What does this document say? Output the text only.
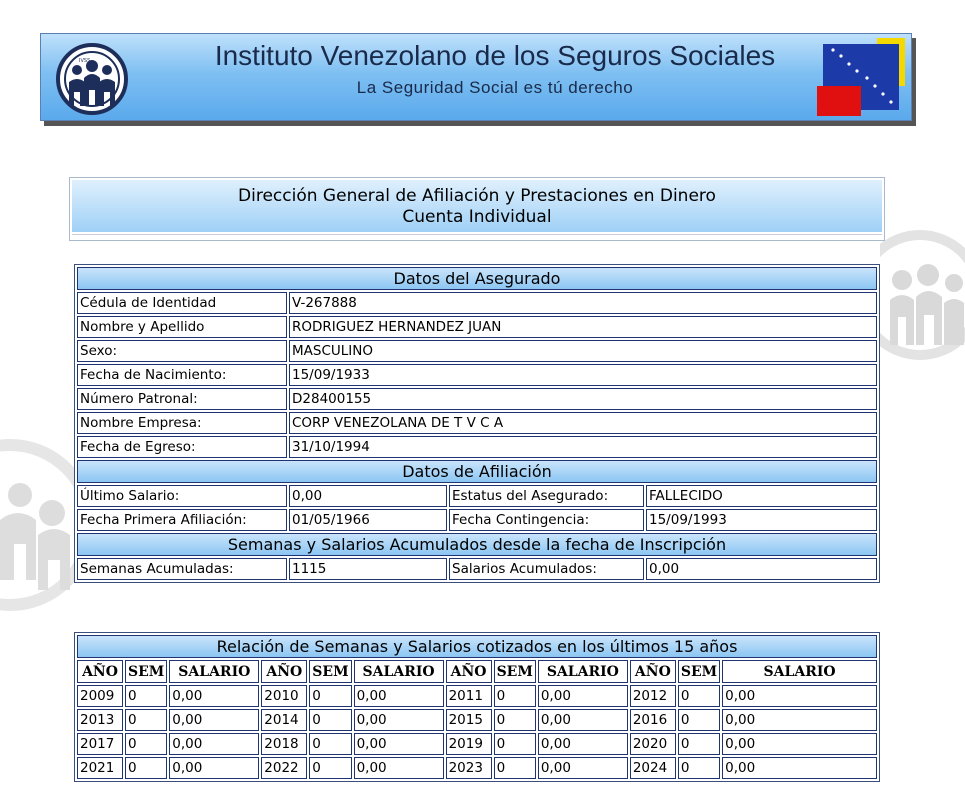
IVSS	Instituto Venezolano de los Seguros Sociales
La Seguridad Social es tú derecho
Dirección General de Afiliación y Prestaciones en Dinero
Cuenta Individual
Datos del Asegurado			
Cédula de Identidad	V-267888		
Nombre y Apellido	RODRIGUEZ HERNANDEZ JUAN		
Sexo:	MASCULINO		
Fecha de Nacimiento:	15/09/1933		
Número Patronal:	D28400155		
Nombre Empresa:	CORP VENEZOLANA DE T V C A		
Fecha de Egreso:	31/10/1994		
Datos de Afiliación			
Último Salario:	0,00	Estatus del Asegurado:	FALLECIDO
Fecha Primera Afiliación:	01/05/1966	Fecha Contingencia:	15/09/1993
Semanas y Salarios Acumulados desde la fecha de Inscripción			
Semanas Acumuladas:	1115	Salarios Acumulados:	0,00
Relación de Semanas y Salarios cotizados en los últimos 15 años											
AÑO	SEM	SALARIO	AÑO	SEM	SALARIO	AÑO	SEM	SALARIO	AÑO	SEM	SALARIO
2009	0	0,00	2010	0	0,00	2011	0	0,00	2012	0	0,00
2013	0	0,00	2014	0	0,00	2015	0	0,00	2016	0	0,00
2017	0	0,00	2018	0	0,00	2019	0	0,00	2020	0	0,00
2021	0	0,00	2022	0	0,00	2023	0	0,00	2024	0	0,00
